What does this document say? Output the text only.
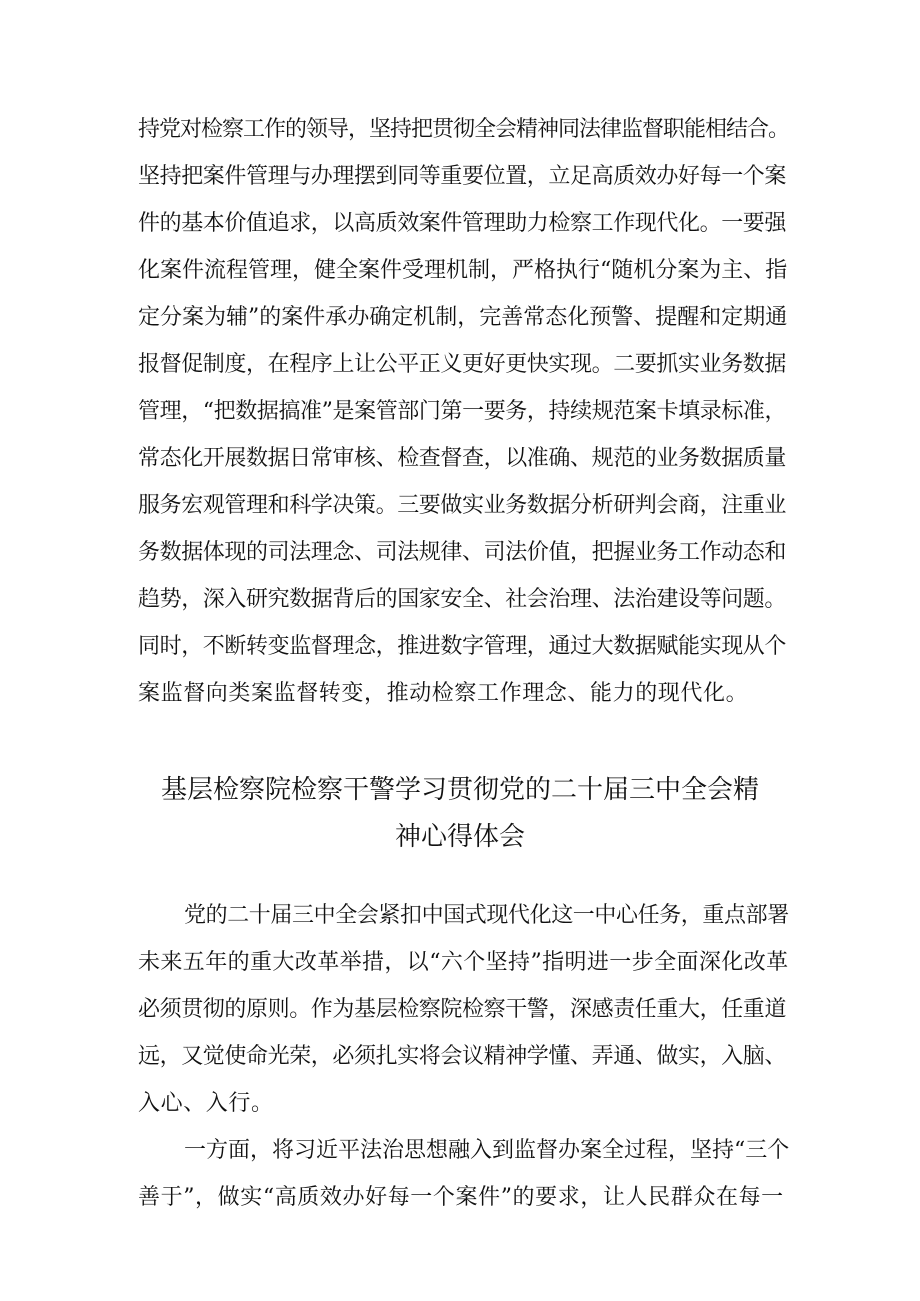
持党对检察工作的领导，坚持把贯彻全会精神同法律监督职能相结合。
坚持把案件管理与办理摆到同等重要位置，立足高质效办好每一个案
件的基本价值追求，以高质效案件管理助力检察工作现代化。一要强
化案件流程管理，健全案件受理机制，严格执行“随机分案为主、指
定分案为辅”的案件承办确定机制，完善常态化预警、提醒和定期通
报督促制度，在程序上让公平正义更好更快实现。二要抓实业务数据
管理，“把数据搞准”是案管部门第一要务，持续规范案卡填录标准，
常态化开展数据日常审核、检查督查，以准确、规范的业务数据质量
服务宏观管理和科学决策。三要做实业务数据分析研判会商，注重业
务数据体现的司法理念、司法规律、司法价值，把握业务工作动态和
趋势，深入研究数据背后的国家安全、社会治理、法治建设等问题。
同时，不断转变监督理念，推进数字管理，通过大数据赋能实现从个
案监督向类案监督转变，推动检察工作理念、能力的现代化。
基层检察院检察干警学习贯彻党的二十届三中全会精
神心得体会
党的二十届三中全会紧扣中国式现代化这一中心任务，重点部署
未来五年的重大改革举措，以“六个坚持”指明进一步全面深化改革
必须贯彻的原则。作为基层检察院检察干警，深感责任重大，任重道
远，又觉使命光荣，必须扎实将会议精神学懂、弄通、做实，入脑、
入心、入行。
一方面，将习近平法治思想融入到监督办案全过程，坚持“三个
善于”，做实“高质效办好每一个案件”的要求，让人民群众在每一
